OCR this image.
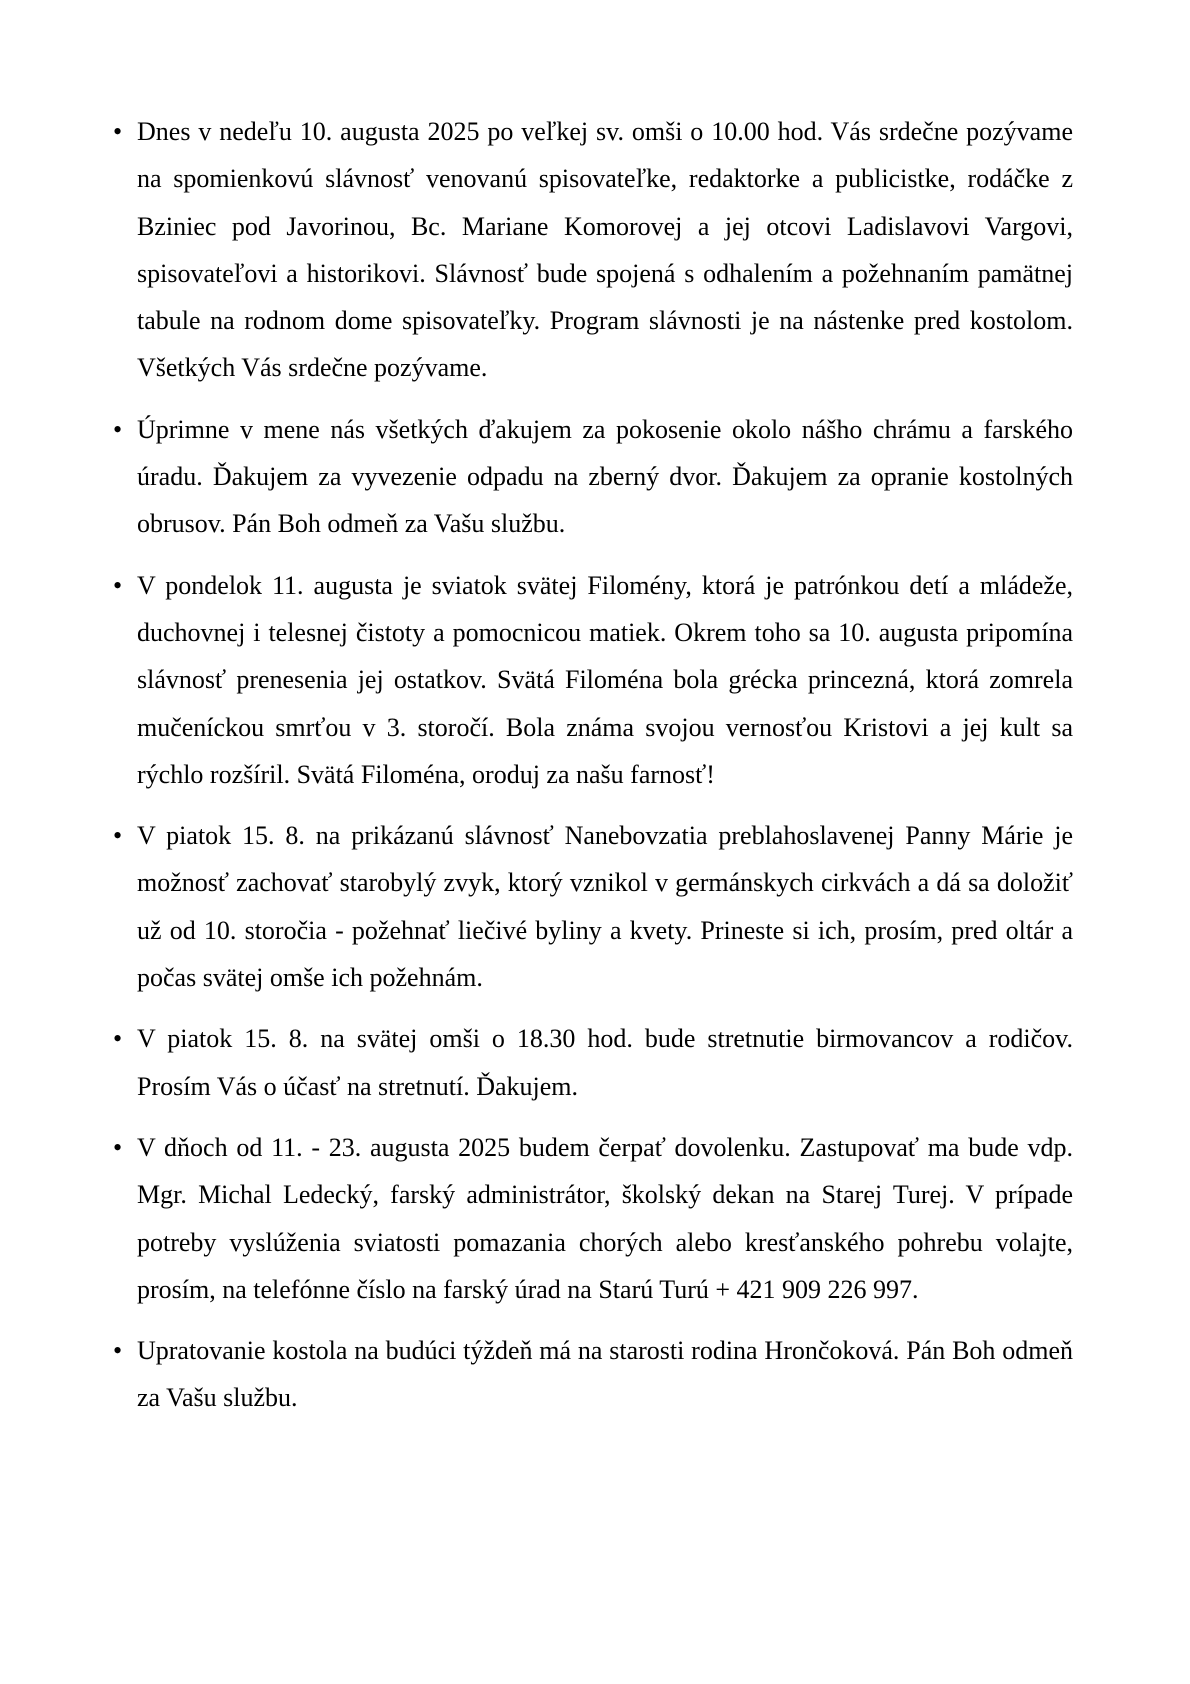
• Dnes v nedeľu 10. augusta 2025 po veľkej sv. omši o 10.00 hod. Vás srdečne pozývame na spomienkovú slávnosť venovanú spisovateľke, redaktorke a publicistke, rodáčke z Bziniec pod Javorinou, Bc. Mariane Komorovej a jej otcovi Ladislavovi Vargovi, spisovateľovi a historikovi. Slávnosť bude spojená s odhalením a požehnaním pamätnej tabule na rodnom dome spisovateľky. Program slávnosti je na nástenke pred kostolom. Všetkých Vás srdečne pozývame.

• Úprimne v mene nás všetkých ďakujem za pokosenie okolo nášho chrámu a farského úradu. Ďakujem za vyvezenie odpadu na zberný dvor. Ďakujem za opranie kostolných obrusov. Pán Boh odmeň za Vašu službu.

• V pondelok 11. augusta je sviatok svätej Filomény, ktorá je patrónkou detí a mládeže, duchovnej i telesnej čistoty a pomocnicou matiek. Okrem toho sa 10. augusta pripomína slávnosť prenesenia jej ostatkov. Svätá Filoména bola grécka princezná, ktorá zomrela mučeníckou smrťou v 3. storočí. Bola známa svojou vernosťou Kristovi a jej kult sa rýchlo rozšíril. Svätá Filoména, oroduj za našu farnosť!

• V piatok 15. 8. na prikázanú slávnosť Nanebovzatia preblahoslavenej Panny Márie je možnosť zachovať starobylý zvyk, ktorý vznikol v germánskych cirkvách a dá sa doložiť už od 10. storočia - požehnať liečivé byliny a kvety. Prineste si ich, prosím, pred oltár a počas svätej omše ich požehnám.

• V piatok 15. 8. na svätej omši o 18.30 hod. bude stretnutie birmovancov a rodičov. Prosím Vás o účasť na stretnutí. Ďakujem.

• V dňoch od 11. - 23. augusta 2025 budem čerpať dovolenku. Zastupovať ma bude vdp. Mgr. Michal Ledecký, farský administrátor, školský dekan na Starej Turej. V prípade potreby vyslúženia sviatosti pomazania chorých alebo kresťanského pohrebu volajte, prosím, na telefónne číslo na farský úrad na Starú Turú + 421 909 226 997.

• Upratovanie kostola na budúci týždeň má na starosti rodina Hrončoková. Pán Boh odmeň za Vašu službu.
